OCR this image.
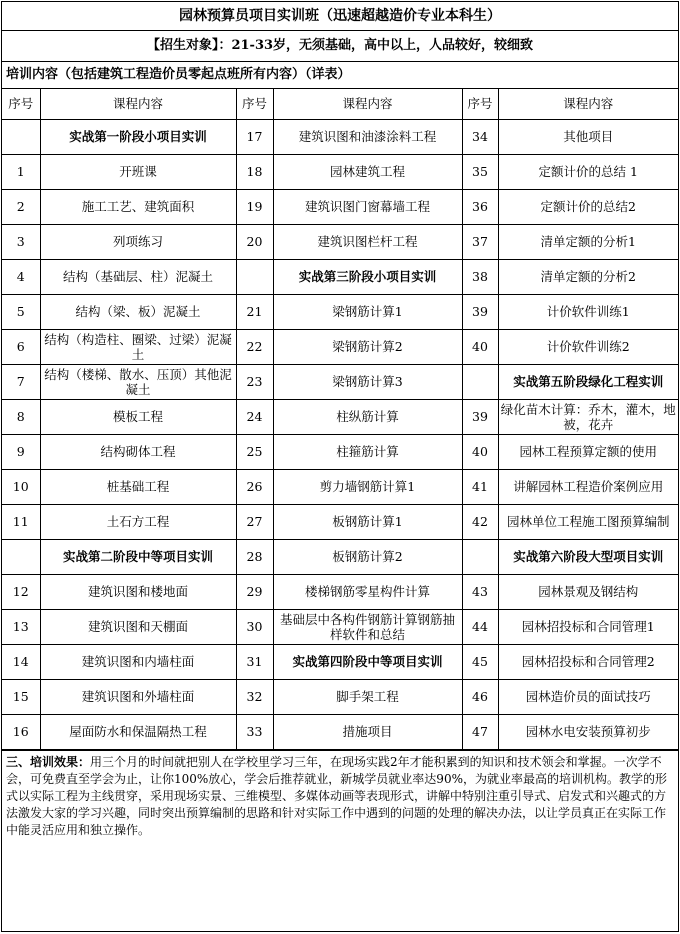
园林预算员项目实训班（迅速超越造价专业本科生）
【招生对象】：21-33岁，无须基础，高中以上，人品较好，较细致
培训内容（包括建筑工程造价员零起点班所有内容）（详表）
序号	课程内容	序号	课程内容	序号	课程内容
	实战第一阶段小项目实训	17	建筑识图和油漆涂料工程	34	其他项目
1	开班课	18	园林建筑工程	35	定额计价的总结 1
2	施工工艺、建筑面积	19	建筑识图门窗幕墙工程	36	定额计价的总结2
3	列项练习	20	建筑识图栏杆工程	37	清单定额的分析1
4	结构（基础层、柱）泥凝土		实战第三阶段小项目实训	38	清单定额的分析2
5	结构（梁、板）泥凝土	21	梁钢筋计算1	39	计价软件训练1
6	结构（构造柱、圈梁、过梁）泥凝土	22	梁钢筋计算2	40	计价软件训练2
7	结构（楼梯、散水、压顶）其他泥凝土	23	梁钢筋计算3		实战第五阶段绿化工程实训
8	模板工程	24	柱纵筋计算	39	绿化苗木计算：乔木，灌木，地被，花卉
9	结构砌体工程	25	柱箍筋计算	40	园林工程预算定额的使用
10	桩基础工程	26	剪力墙钢筋计算1	41	讲解园林工程造价案例应用
11	土石方工程	27	板钢筋计算1	42	园林单位工程施工图预算编制
	实战第二阶段中等项目实训	28	板钢筋计算2		实战第六阶段大型项目实训
12	建筑识图和楼地面	29	楼梯钢筋零星构件计算	43	园林景观及钢结构
13	建筑识图和天棚面	30	基础层中各构件钢筋计算钢筋抽样软件和总结	44	园林招投标和合同管理1
14	建筑识图和内墙柱面	31	实战第四阶段中等项目实训	45	园林招投标和合同管理2
15	建筑识图和外墙柱面	32	脚手架工程	46	园林造价员的面试技巧
16	屋面防水和保温隔热工程	33	措施项目	47	园林水电安装预算初步
三、培训效果：用三个月的时间就把别人在学校里学习三年，在现场实践2年才能积累到的知识和技术领会和掌握。一次学不会，可免费直至学会为止，让你100%放心，学会后推荐就业，新城学员就业率达90%，为就业率最高的培训机构。教学的形式以实际工程为主线贯穿，采用现场实景、三维模型、多媒体动画等表现形式，讲解中特别注重引导式、启发式和兴趣式的方法激发大家的学习兴趣，同时突出预算编制的思路和针对实际工作中遇到的问题的处理的解决办法，以让学员真正在实际工作中能灵活应用和独立操作。
